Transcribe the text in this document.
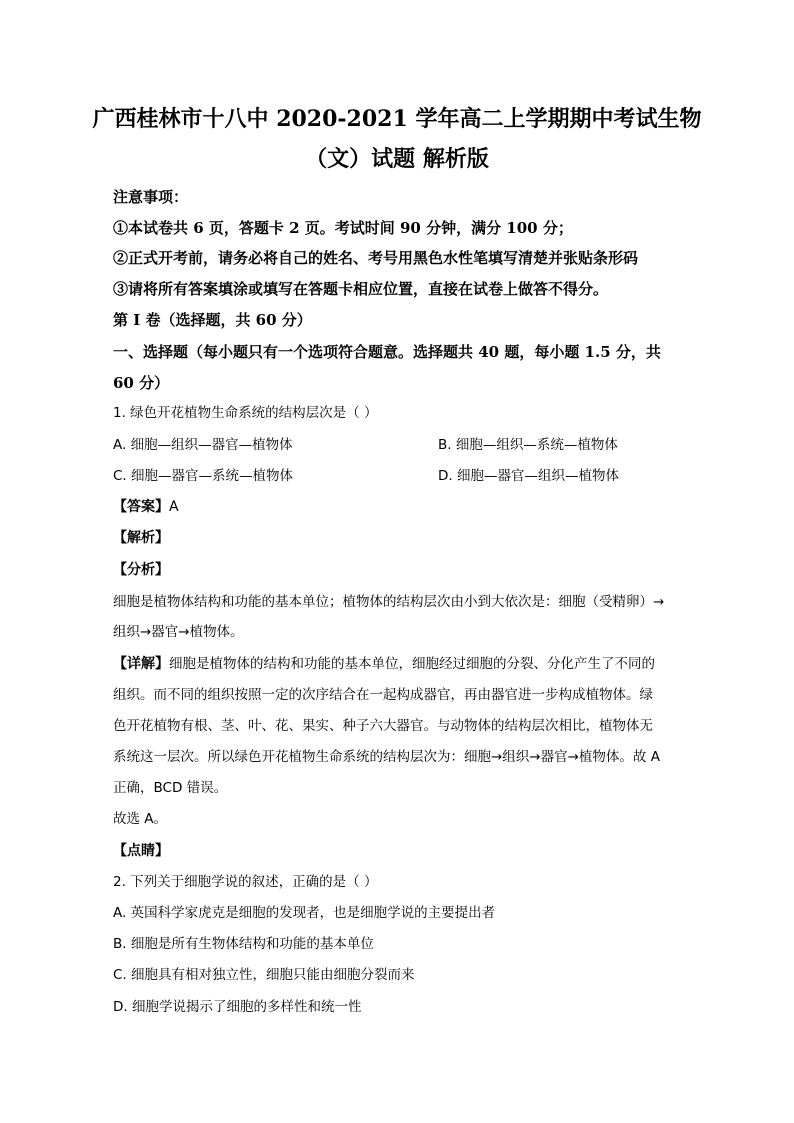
广西桂林市十八中 2020-2021 学年高二上学期期中考试生物
（文）试题 解析版
注意事项：
①本试卷共 6 页，答题卡 2 页。考试时间 90 分钟，满分 100 分；
②正式开考前，请务必将自己的姓名、考号用黑色水性笔填写清楚并张贴条形码
③请将所有答案填涂或填写在答题卡相应位置，直接在试卷上做答不得分。
第 I 卷（选择题，共 60 分）
一、选择题（每小题只有一个选项符合题意。选择题共 40 题，每小题 1.5 分，共
60 分）
1. 绿色开花植物生命系统的结构层次是（ ）
A. 细胞—组织—器官—植物体	B. 细胞—组织—系统—植物体
C. 细胞—器官—系统—植物体	D. 细胞—器官—组织—植物体
【答案】A
【解析】
【分析】
细胞是植物体结构和功能的基本单位；植物体的结构层次由小到大依次是：细胞（受精卵）→
组织→器官→植物体。
【详解】细胞是植物体的结构和功能的基本单位，细胞经过细胞的分裂、分化产生了不同的
组织。而不同的组织按照一定的次序结合在一起构成器官，再由器官进一步构成植物体。绿
色开花植物有根、茎、叶、花、果实、种子六大器官。与动物体的结构层次相比，植物体无
系统这一层次。所以绿色开花植物生命系统的结构层次为：细胞→组织→器官→植物体。故 A
正确，BCD 错误。
故选 A。
【点睛】
2. 下列关于细胞学说的叙述，正确的是（ ）
A. 英国科学家虎克是细胞的发现者，也是细胞学说的主要提出者
B. 细胞是所有生物体结构和功能的基本单位
C. 细胞具有相对独立性，细胞只能由细胞分裂而来
D. 细胞学说揭示了细胞的多样性和统一性
